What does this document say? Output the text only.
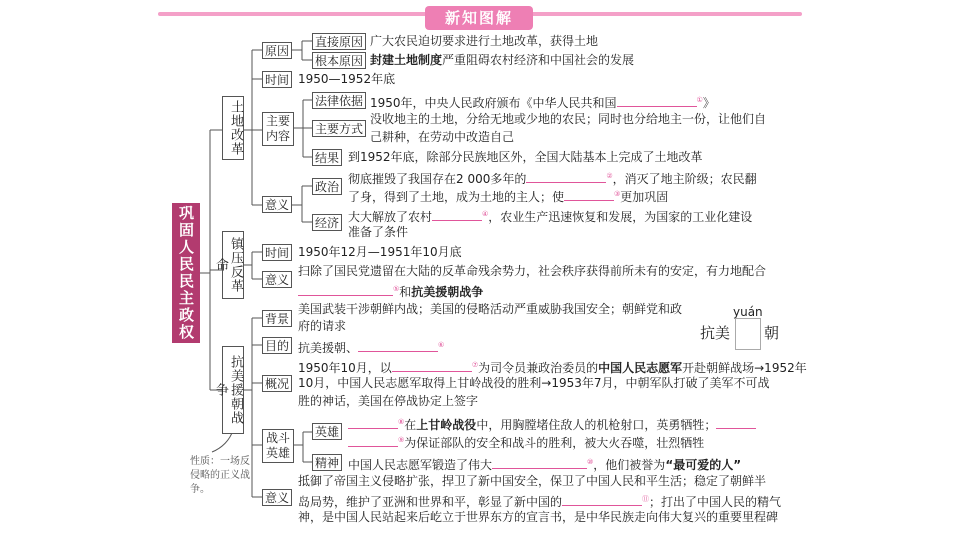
新知图解
巩固人民民主政权
土地改革
原因
直接原因 广大农民迫切要求进行土地改革，获得土地
根本原因 封建土地制度严重阻碍农村经济和中国社会的发展
时间 1950—1952年底
主要内容
法律依据 1950年，中央人民政府颁布《中华人民共和国	①》
主要方式
没收地主的土地，分给无地或少地的农民；同时也分给地主一份，让他们自
己耕种，在劳动中改造自己
结果 到1952年底，除部分民族地区外，全国大陆基本上完成了土地改革
意义
政治
彻底摧毁了我国存在2 000多年的	②，消灭了地主阶级；农民翻
了身，得到了土地，成为土地的主人；使	③更加巩固
经济 大大解放了农村	④，农业生产迅速恢复和发展，为国家的工业化建设
准备了条件
镇压反革命
时间 1950年12月—1951年10月底
意义
扫除了国民党遗留在大陆的反革命残余势力，社会秩序获得前所未有的安定，有力地配合
⑤和抗美援朝战争
抗美援朝战争
背景
美国武装干涉朝鲜内战；美国的侵略活动严重威胁我国安全；朝鲜党和政
府的请求
目的 抗美援朝、	⑥
概况
1950年10月，以	⑦为司令员兼政治委员的中国人民志愿军开赴朝鲜战场→1952年
10月，中国人民志愿军取得上甘岭战役的胜利→1953年7月，中朝军队打破了美军不可战
胜的神话，美国在停战协定上签字
战斗英雄
英雄
⑧在上甘岭战役中，用胸膛堵住敌人的机枪射口，英勇牺牲；
⑨为保证部队的安全和战斗的胜利，被大火吞噬，壮烈牺牲
精神 中国人民志愿军锻造了伟大	⑩，他们被誉为“最可爱的人”
意义
抵御了帝国主义侵略扩张，捍卫了新中国安全，保卫了中国人民和平生活；稳定了朝鲜半
岛局势，维护了亚洲和世界和平，彰显了新中国的	⑪；打出了中国人民的精气
神，是中国人民站起来后屹立于世界东方的宣言书，是中华民族走向伟大复兴的重要里程碑
性质：一场反侵略的正义战争。
抗美
yuán
朝
